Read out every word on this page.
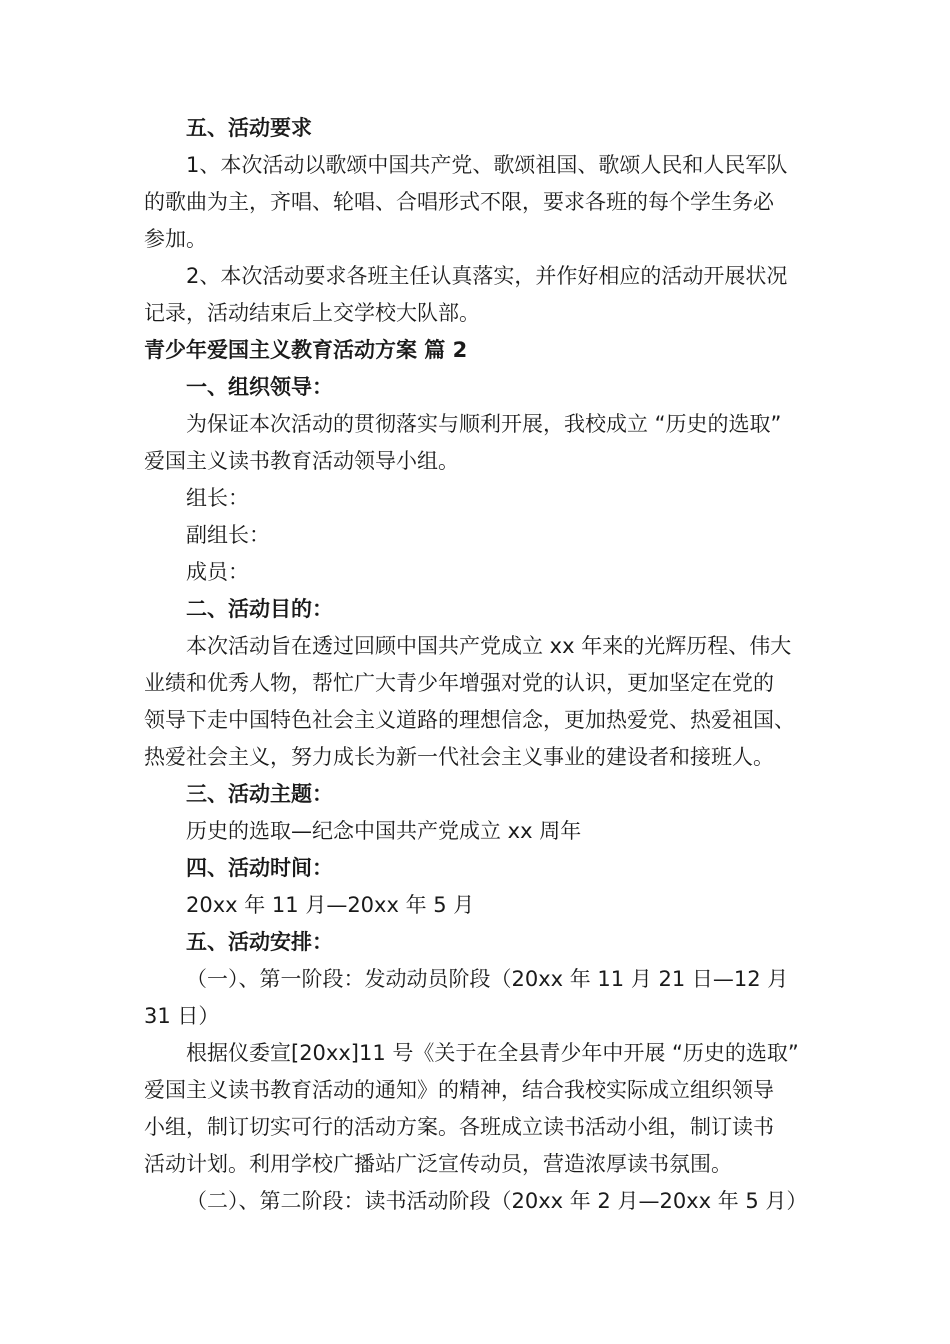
五、活动要求
1、本次活动以歌颂中国共产党、歌颂祖国、歌颂人民和人民军队
的歌曲为主，齐唱、轮唱、合唱形式不限，要求各班的每个学生务必
参加。
2、本次活动要求各班主任认真落实，并作好相应的活动开展状况
记录，活动结束后上交学校大队部。
青少年爱国主义教育活动方案 篇 2
一、组织领导：
为保证本次活动的贯彻落实与顺利开展，我校成立 “历史的选取”
爱国主义读书教育活动领导小组。
组长：
副组长：
成员：
二、活动目的：
本次活动旨在透过回顾中国共产党成立 xx 年来的光辉历程、伟大
业绩和优秀人物，帮忙广大青少年增强对党的认识，更加坚定在党的
领导下走中国特色社会主义道路的理想信念，更加热爱党、热爱祖国、
热爱社会主义，努力成长为新一代社会主义事业的建设者和接班人。
三、活动主题：
历史的选取—纪念中国共产党成立 xx 周年
四、活动时间：
20xx 年 11 月—20xx 年 5 月
五、活动安排：
（一）、第一阶段：发动动员阶段（20xx 年 11 月 21 日—12 月
31 日）
根据仪委宣[20xx]11 号《关于在全县青少年中开展 “历史的选取”
爱国主义读书教育活动的通知》的精神，结合我校实际成立组织领导
小组，制订切实可行的活动方案。各班成立读书活动小组，制订读书
活动计划。利用学校广播站广泛宣传动员，营造浓厚读书氛围。
（二）、第二阶段：读书活动阶段（20xx 年 2 月—20xx 年 5 月）
